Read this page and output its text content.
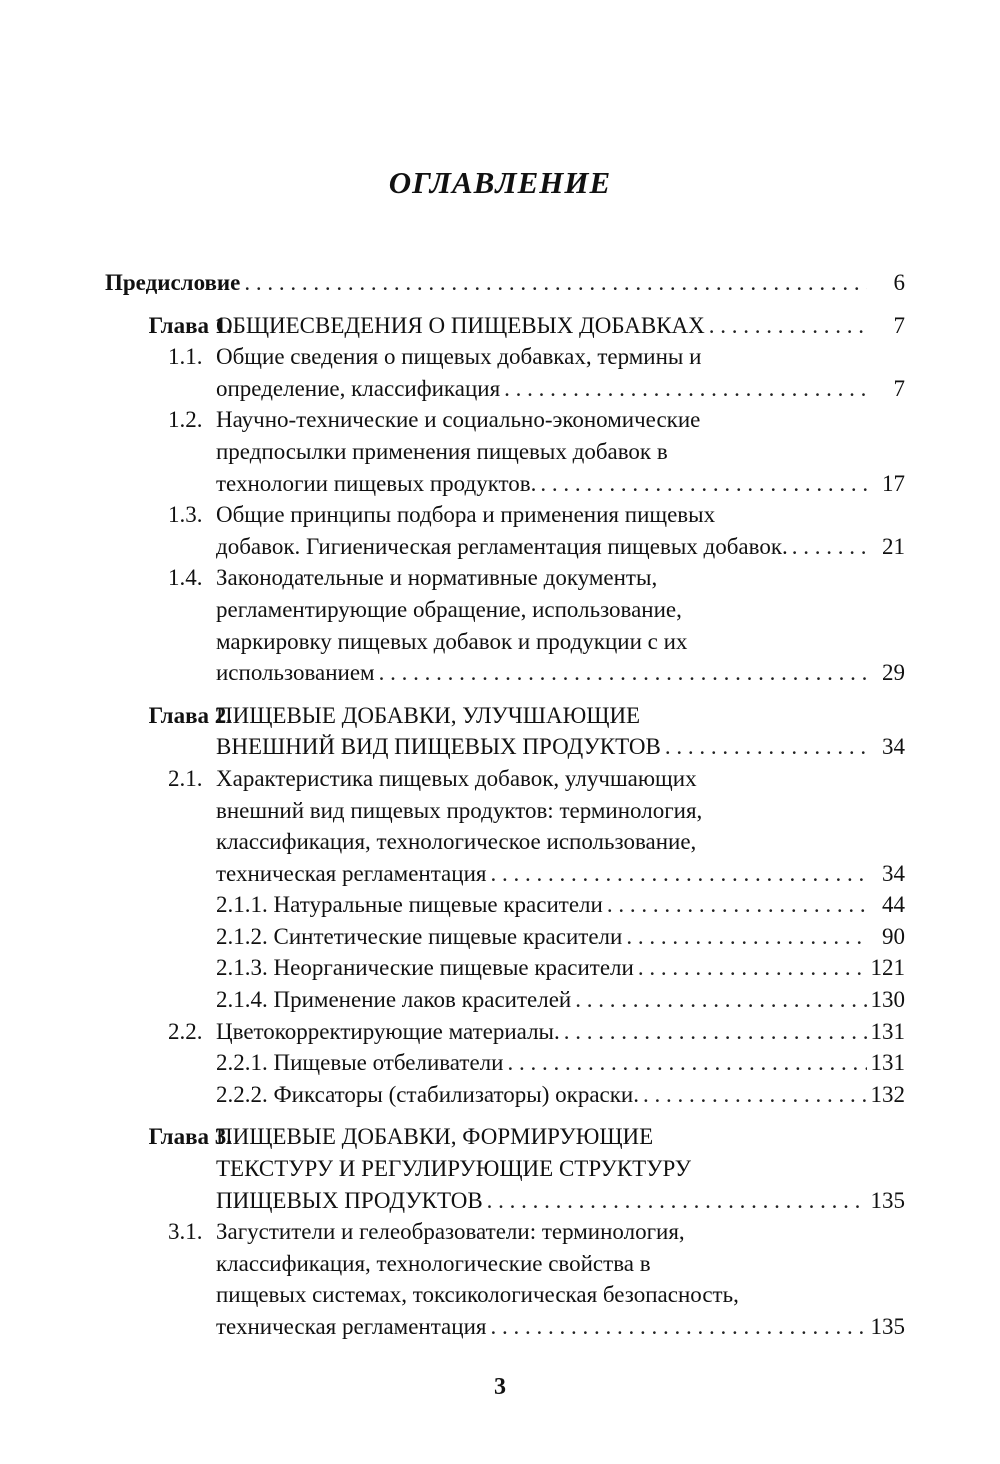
ОГЛАВЛЕНИЕ
Предисловие . . .	6
Глава 1.
ОБЩИЕСВЕДЕНИЯ О ПИЩЕВЫХ ДОБАВКАХ . . .	7
1.1. Общие сведения о пищевых добавках, термины и
определение, классификация . . .	7
1.2. Научно-технические и социально-экономические
предпосылки применения пищевых добавок в
технологии пищевых продуктов. . . .	17
1.3. Общие принципы подбора и применения пищевых
добавок. Гигиеническая регламентация пищевых добавок. . . .	21
1.4. Законодательные и нормативные документы,
регламентирующие обращение, использование,
маркировку пищевых добавок и продукции с их
использованием . . .	29
Глава 2.
ПИЩЕВЫЕ ДОБАВКИ, УЛУЧШАЮЩИЕ
ВНЕШНИЙ ВИД ПИЩЕВЫХ ПРОДУКТОВ . . .	34
2.1. Характеристика пищевых добавок, улучшающих
внешний вид пищевых продуктов: терминология,
классификация, технологическое использование,
техническая регламентация . . .	34
2.1.1. Натуральные пищевые красители . . .	44
2.1.2. Синтетические пищевые красители . . .	90
2.1.3. Неорганические пищевые красители . . .	121
2.1.4. Применение лаков красителей . . .	130
2.2. Цветокорректирующие материалы. . . .	131
2.2.1. Пищевые отбеливатели . . .	131
2.2.2. Фиксаторы (стабилизаторы) окраски. . . .	132
Глава 3.
ПИЩЕВЫЕ ДОБАВКИ, ФОРМИРУЮЩИЕ
ТЕКСТУРУ И РЕГУЛИРУЮЩИЕ СТРУКТУРУ
ПИЩЕВЫХ ПРОДУКТОВ . . .	135
3.1. Загустители и гелеобразователи: терминология,
классификация, технологические свойства в
пищевых системах, токсикологическая безопасность,
техническая регламентация . . .	135
3
